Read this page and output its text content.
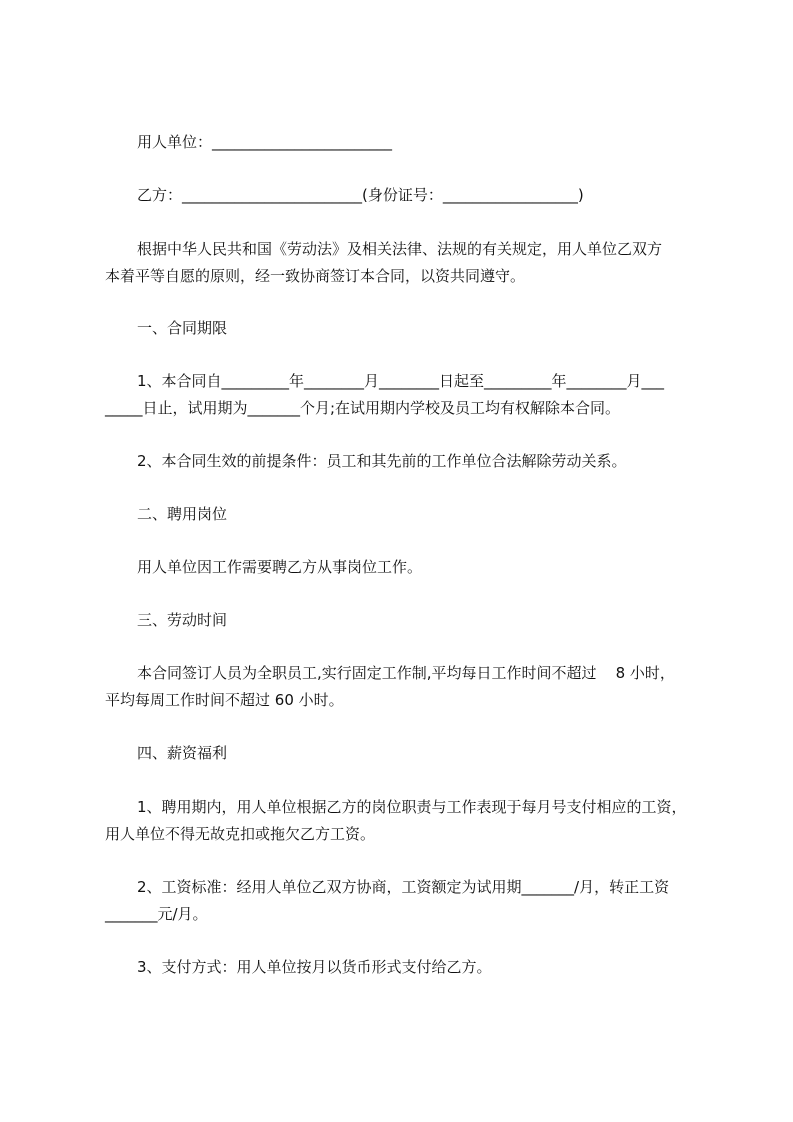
用人单位：________________________
乙方：________________________(身份证号：__________________)
根据中华人民共和国《劳动法》及相关法律、法规的有关规定，用人单位乙双方
本着平等自愿的原则，经一致协商签订本合同，以资共同遵守。
一、合同期限
1、本合同自_________年________月________日起至_________年________月___
_____日止，试用期为_______个月;在试用期内学校及员工均有权解除本合同。
2、本合同生效的前提条件：员工和其先前的工作单位合法解除劳动关系。
二、聘用岗位
用人单位因工作需要聘乙方从事岗位工作。
三、劳动时间
本合同签订人员为全职员工,实行固定工作制,平均每日工作时间不超过    8 小时，
平均每周工作时间不超过 60 小时。
四、薪资福利
1、聘用期内，用人单位根据乙方的岗位职责与工作表现于每月号支付相应的工资，
用人单位不得无故克扣或拖欠乙方工资。
2、工资标准：经用人单位乙双方协商，工资额定为试用期_______/月，转正工资
_______元/月。
3、支付方式：用人单位按月以货币形式支付给乙方。
